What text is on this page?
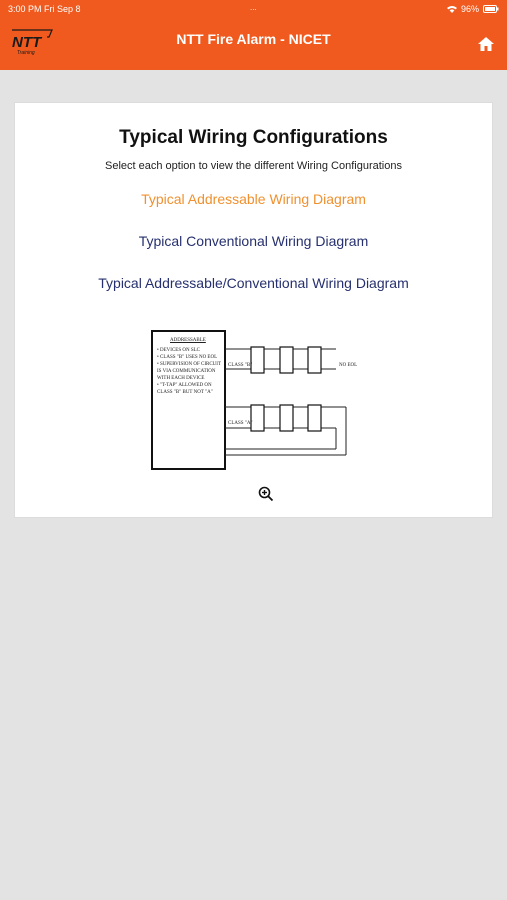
3:00 PM Fri Sep 8	...	96%
NTT
Training
NTT Fire Alarm - NICET
Typical Wiring Configurations
Select each option to view the different Wiring Configurations
Typical Addressable Wiring Diagram
Typical Conventional Wiring Diagram
Typical Addressable/Conventional Wiring Diagram
ADDRESSABLE
• DEVICES ON SLC
• CLASS "B" USES NO EOL
• SUPERVISION OF CIRCUIT
IS VIA COMMUNICATION
WITH EACH DEVICE
• "T-TAP" ALLOWED ON
CLASS "B" BUT NOT "A"
CLASS "B"
CLASS "A"
NO EOL
